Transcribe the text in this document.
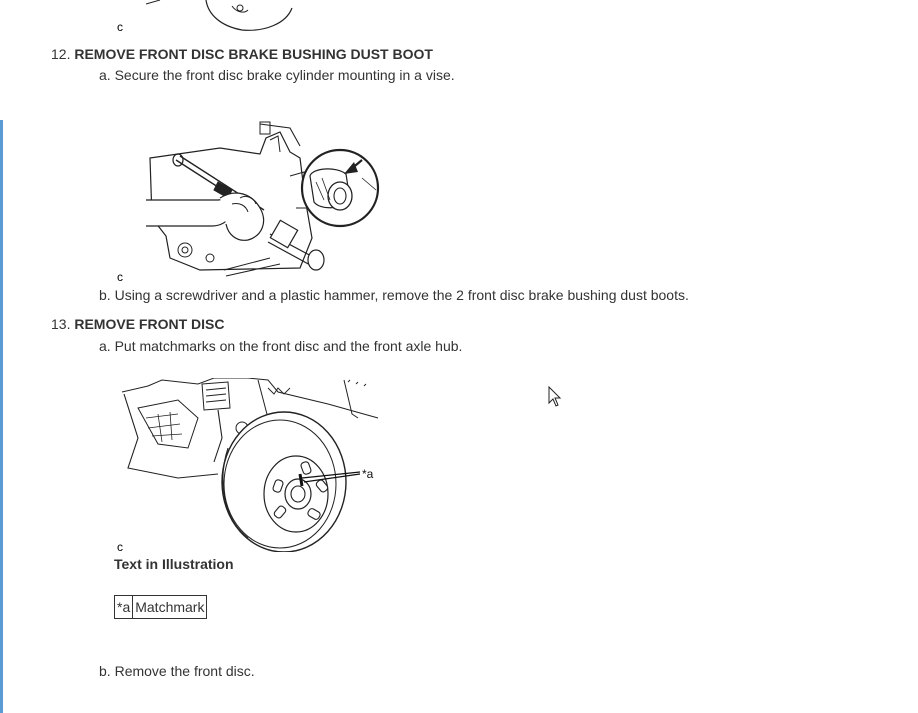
c
12. REMOVE FRONT DISC BRAKE BUSHING DUST BOOT
a. Secure the front disc brake cylinder mounting in a vise.
c
b. Using a screwdriver and a plastic hammer, remove the 2 front disc brake bushing dust boots.
13. REMOVE FRONT DISC
a. Put matchmarks on the front disc and the front axle hub.
*a
c
Text in Illustration
*a	Matchmark
b. Remove the front disc.
